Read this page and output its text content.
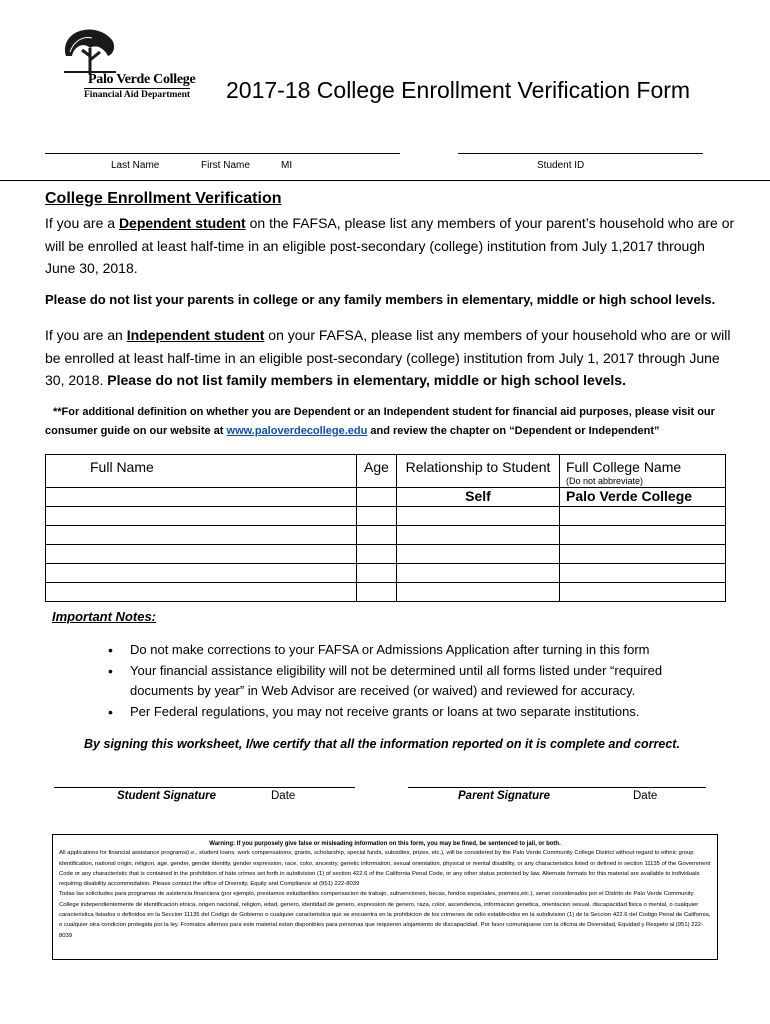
Palo Verde College
Financial Aid Department 2017-18 College Enrollment Verification Form
Last Name	First Name	MI	Student ID
College Enrollment Verification
If you are a Dependent student on the FAFSA, please list any members of your parent’s household who are or will be enrolled at least half-time in an eligible post-secondary (college) institution from July 1,2017 through June 30, 2018.
Please do not list your parents in college or any family members in elementary, middle or high school levels.
If you are an Independent student on your FAFSA, please list any members of your household who are or will be enrolled at least half-time in an eligible post-secondary (college) institution from July 1, 2017 through June 30, 2018. Please do not list family members in elementary, middle or high school levels.
**For additional definition on whether you are Dependent or an Independent student for financial aid purposes, please visit our
consumer guide on our website at www.paloverdecollege.edu and review the chapter on “Dependent or Independent”
Full Name	Age	Relationship to Student	Full College Name
(Do not abbreviate)

		Self	Palo Verde College

Important Notes:
• Do not make corrections to your FAFSA or Admissions Application after turning in this form
• Your financial assistance eligibility will not be determined until all forms listed under “required documents by year” in Web Advisor are received (or waived) and reviewed for accuracy.
• Per Federal regulations, you may not receive grants or loans at two separate institutions.
By signing this worksheet, I/we certify that all the information reported on it is complete and correct.
Student Signature	Date	Parent Signature	Date
Warning: If you purposely give false or misleading information on this form, you may be fined, be sentenced to jail, or both.

All applications for financial assistance programs(i.e., student loans, work compensations, grants, scholarship, special funds, subsidies, prizes, etc.), will be considered by the Palo Verde Community College District without regard to ethnic group identification, national origin, religion, age, gender, gender identity, gender expression, race, color, ancestry, genetic information, sexual orientation, physical or mental disability, or any characteristics listed or defined in section 11135 of the Government Code or any characteristic that is contained in the prohibition of hate crimes set forth in subdivision (1) of section 422.6 of the California Penal Code, or any other status protected by law. Alternate formats for this material are available to individuals requiring disability accommodation. Please contact the office of Diversity, Equity and Compliance at (951) 222-8039

Todas las solicitudes para programas de asistencia financiera (por ejemplo, prestamos estudiantiles compensacion de trabajo, subvenciones, becas, fondos especiales, premios,etc.), seran considerados por el Distrito de Palo Verde Community College independientemente de identificacion etnica, origen nacional, religion, edad, genero, identidad de genero, expression de genero, raza, color, ascendencia, informacion genetica, orientacion sexual, discapacidad fisica o mental, o cualquier caracteristica listados o definidos en la Seccion 11135 del Codigo de Gobierno o cualquier caracteristica que se encuentra en la prohibicion de los crimenes de odio establecidos en la subdivision (1) de la Seccion 422.6 del Codigo Penal de California, o cualquier otra condicion protegida por la ley. Fromatos alternos para este material estan disponibles para personas que requieren alojamiento de discapacidad. Por favor comuniquese con la oficina de Diversidad, Equidad y Respeto al (951) 222-8039
